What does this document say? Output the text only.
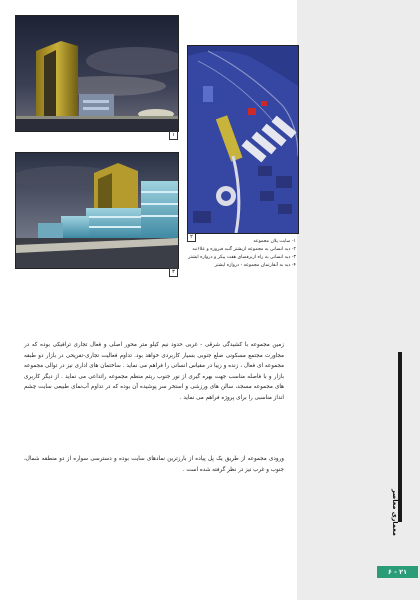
۱
۳
۲
۱- سایت پلان مجموعه
۲- دید انسانی به مجموعه ازیشتر گنبد فیروزه و علاءنبه
۳- دید انسانی به راه ازبرفضای هفت پیکر و دروازه ایشتر
۴- دید به آنفارتمان مجموعه - دروازه ایشتر
زمین مجموعه با کشیدگی شرقی - غربی حدود نیم کیلو متر محور اصلی و فعال تجاری ترافیکی بوده که در مجاورت مجتمع مسکونی ضلع جنوبی بسیار کاربردی خواهد بود. تداوم فعالیت تجاری-تفریحی در بازار دو طبقه مجموعه ای فعال ، زنده و زیبا در مقیاس انسانی را فراهم می نماید . ساختمان های اداری نیز در توالی مجموعه بازار و با فاصله مناسب جهت بهره گیری از نور جنوب ریتم منظم مجموعه راتداعی می نماید . از دیگر کاربری های مجموعه مسجد، سالن های ورزشی و استخر سر پوشیده آن بوده که در تداوم آب‌نمای طبیعی سایت چشم انداز مناسبی را برای پروژه فراهم می نماید .
ورودی مجموعه از طریق یک پل پیاده از بارزترین نمادهای سایت بوده و دسترسی سواره از دو منطقه شمال، جنوب و غرب نیز در نظر گرفته شده است .
معماری معاصر
۶ - ۲۱
